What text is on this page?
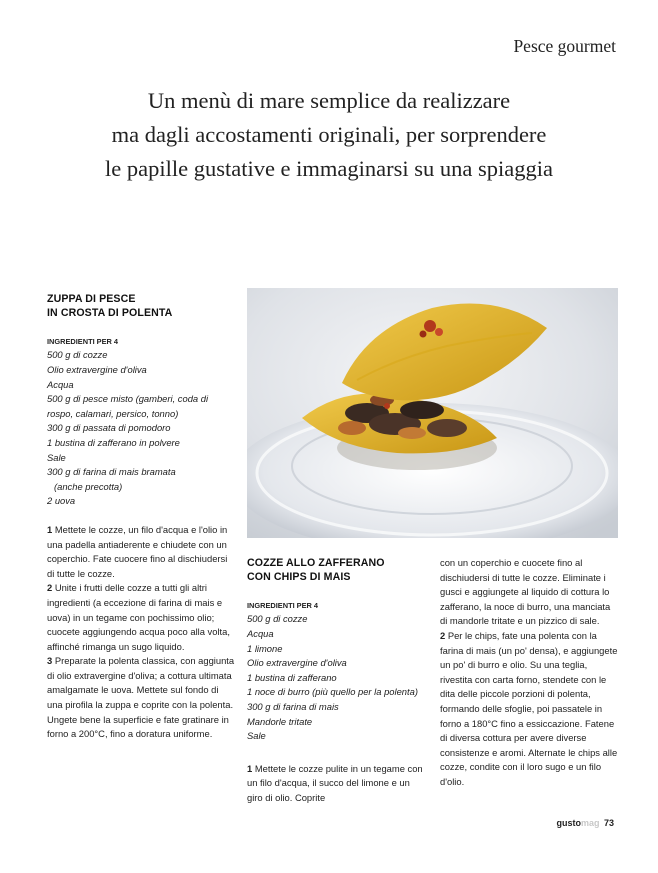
Pesce gourmet
Un menù di mare semplice da realizzare
ma dagli accostamenti originali, per sorprendere
le papille gustative e immaginarsi su una spiaggia
ZUPPA DI PESCE
IN CROSTA DI POLENTA
INGREDIENTI PER 4
500 g di cozze
Olio extravergine d'oliva
Acqua
500 g di pesce misto (gamberi, coda di
rospo, calamari, persico, tonno)
300 g di passata di pomodoro
1 bustina di zafferano in polvere
Sale
300 g di farina di mais bramata
(anche precotta)
2 uova

1 Mettete le cozze, un filo d'acqua e l'olio in una padella antiaderente e chiudete con un coperchio. Fate cuocere fino al dischiudersi di tutte le cozze.

2 Unite i frutti delle cozze a tutti gli altri ingredienti (a eccezione di farina di mais e uova) in un tegame con pochissimo olio; cuocete aggiungendo acqua poco alla volta, affinché rimanga un sugo liquido.

3 Preparate la polenta classica, con aggiunta di olio extravergine d'oliva; a cottura ultimata amalgamate le uova. Mettete sul fondo di una pirofila la zuppa e coprite con la polenta. Ungete bene la superficie e fate gratinare in forno a 200°C, fino a doratura uniforme.

COZZE ALLO ZAFFERANO
CON CHIPS DI MAIS
INGREDIENTI PER 4
500 g di cozze
Acqua
1 limone
Olio extravergine d'oliva
1 bustina di zafferano
1 noce di burro (più quello per la polenta)
300 g di farina di mais
Mandorle tritate
Sale

1 Mettete le cozze pulite in un tegame con un filo d'acqua, il succo del limone e un giro di olio. Coprite

con un coperchio e cuocete fino al dischiudersi di tutte le cozze. Eliminate i gusci e aggiungete al liquido di cottura lo zafferano, la noce di burro, una manciata di mandorle tritate e un pizzico di sale.

2 Per le chips, fate una polenta con la farina di mais (un po' densa), e aggiungete un po' di burro e olio. Su una teglia, rivestita con carta forno, stendete con le dita delle piccole porzioni di polenta, formando delle sfoglie, poi passatele in forno a 180°C fino a essiccazione. Fatene di diversa cottura per avere diverse consistenze e aromi. Alternate le chips alle cozze, condite con il loro sugo e un filo d'olio.

gustomag 73
